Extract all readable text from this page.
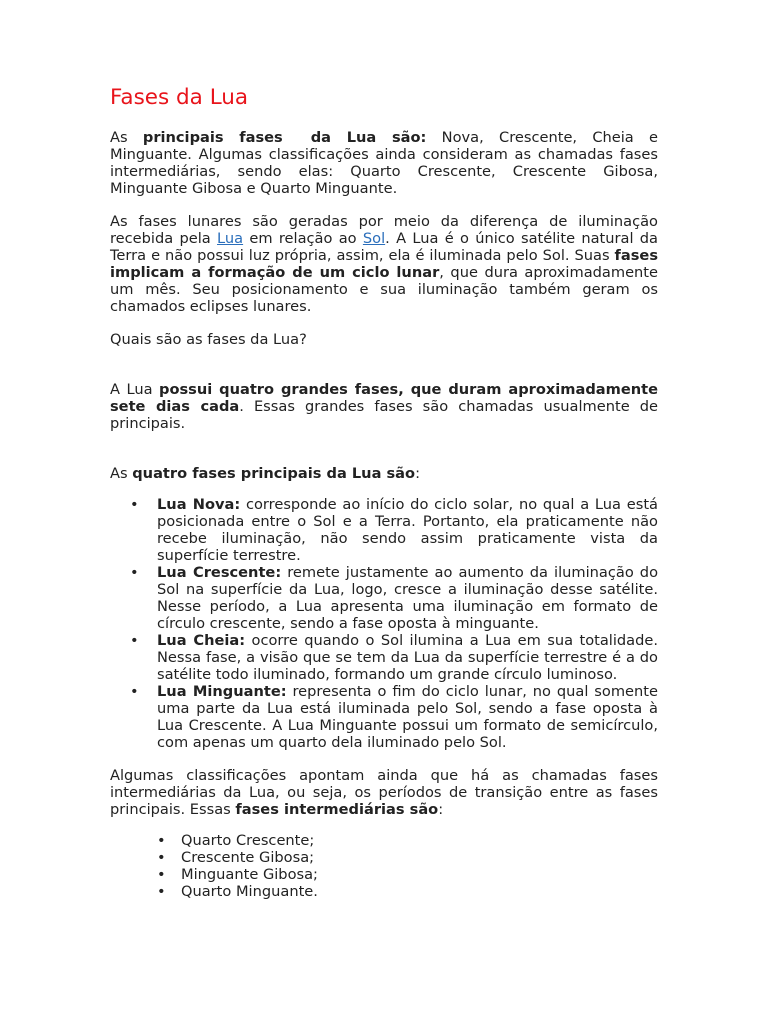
Fases da Lua

As principais fases da Lua são: Nova, Crescente, Cheia e Minguante. Algumas classificações ainda consideram as chamadas fases intermediárias, sendo elas: Quarto Crescente, Crescente Gibosa, Minguante Gibosa e Quarto Minguante.

As fases lunares são geradas por meio da diferença de iluminação recebida pela Lua em relação ao Sol. A Lua é o único satélite natural da Terra e não possui luz própria, assim, ela é iluminada pelo Sol. Suas fases implicam a formação de um ciclo lunar, que dura aproximadamente um mês. Seu posicionamento e sua iluminação também geram os chamados eclipses lunares.

Quais são as fases da Lua?

A Lua possui quatro grandes fases, que duram aproximadamente sete dias cada. Essas grandes fases são chamadas usualmente de principais.

As quatro fases principais da Lua são:

• Lua Nova: corresponde ao início do ciclo solar, no qual a Lua está posicionada entre o Sol e a Terra. Portanto, ela praticamente não recebe iluminação, não sendo assim praticamente vista da superfície terrestre.
• Lua Crescente: remete justamente ao aumento da iluminação do Sol na superfície da Lua, logo, cresce a iluminação desse satélite. Nesse período, a Lua apresenta uma iluminação em formato de círculo crescente, sendo a fase oposta à minguante.
• Lua Cheia: ocorre quando o Sol ilumina a Lua em sua totalidade. Nessa fase, a visão que se tem da Lua da superfície terrestre é a do satélite todo iluminado, formando um grande círculo luminoso.
• Lua Minguante: representa o fim do ciclo lunar, no qual somente uma parte da Lua está iluminada pelo Sol, sendo a fase oposta à Lua Crescente. A Lua Minguante possui um formato de semicírculo, com apenas um quarto dela iluminado pelo Sol.

Algumas classificações apontam ainda que há as chamadas fases intermediárias da Lua, ou seja, os períodos de transição entre as fases principais. Essas fases intermediárias são:

• Quarto Crescente;
• Crescente Gibosa;
• Minguante Gibosa;
• Quarto Minguante.
